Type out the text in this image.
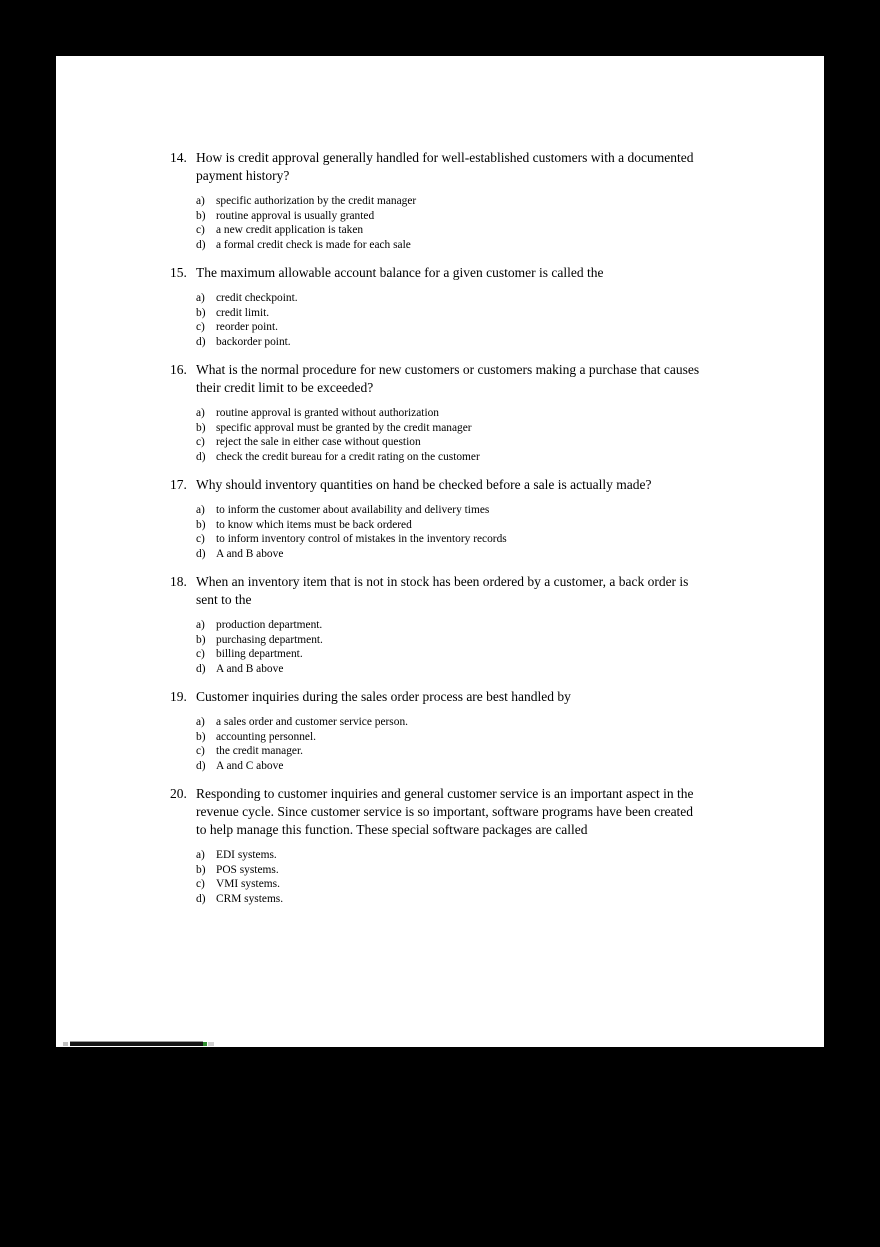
14. How is credit approval generally handled for well-established customers with a documented payment history?
a) specific authorization by the credit manager
b) routine approval is usually granted
c) a new credit application is taken
d) a formal credit check is made for each sale
15. The maximum allowable account balance for a given customer is called the
a) credit checkpoint.
b) credit limit.
c) reorder point.
d) backorder point.
16. What is the normal procedure for new customers or customers making a purchase that causes their credit limit to be exceeded?
a) routine approval is granted without authorization
b) specific approval must be granted by the credit manager
c) reject the sale in either case without question
d) check the credit bureau for a credit rating on the customer
17. Why should inventory quantities on hand be checked before a sale is actually made?
a) to inform the customer about availability and delivery times
b) to know which items must be back ordered
c) to inform inventory control of mistakes in the inventory records
d) A and B above
18. When an inventory item that is not in stock has been ordered by a customer, a back order is sent to the
a) production department.
b) purchasing department.
c) billing department.
d) A and B above
19. Customer inquiries during the sales order process are best handled by
a) a sales order and customer service person.
b) accounting personnel.
c) the credit manager.
d) A and C above
20. Responding to customer inquiries and general customer service is an important aspect in the revenue cycle. Since customer service is so important, software programs have been created to help manage this function. These special software packages are called
a) EDI systems.
b) POS systems.
c) VMI systems.
d) CRM systems.
